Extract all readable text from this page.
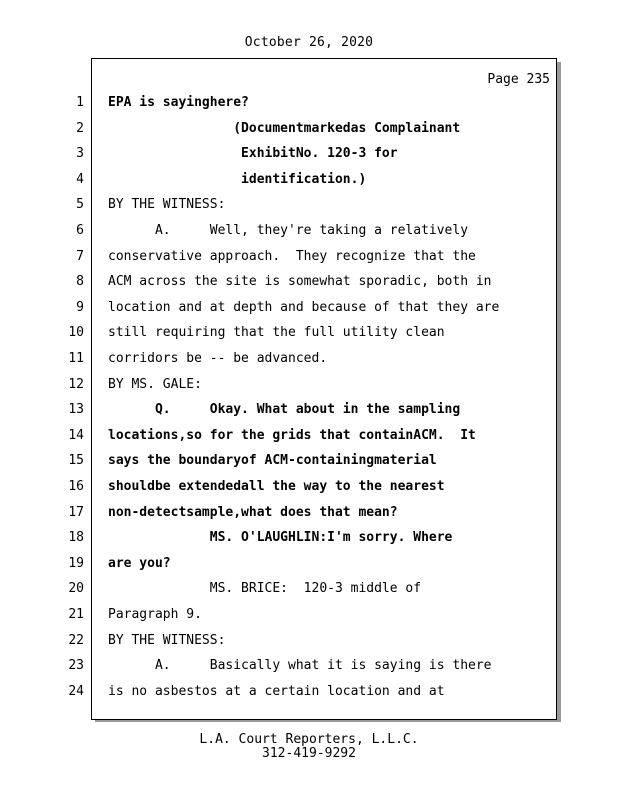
October 26, 2020
Page 235
1 EPA is sayinghere?
2 (Documentmarkedas Complainant
3 ExhibitNo. 120-3 for
4 identification.)
5 BY THE WITNESS:
6 A.     Well, they're taking a relatively
7 conservative approach.  They recognize that the
8 ACM across the site is somewhat sporadic, both in
9 location and at depth and because of that they are
10 still requiring that the full utility clean
11 corridors be -- be advanced.
12 BY MS. GALE:
13 Q.     Okay. What about in the sampling
14 locations,so for the grids that containACM.  It
15 says the boundaryof ACM-containingmaterial
16 shouldbe extendedall the way to the nearest
17 non-detectsample,what does that mean?
18 MS. O'LAUGHLIN:I'm sorry. Where
19 are you?
20 MS. BRICE:  120-3 middle of
21 Paragraph 9.
22 BY THE WITNESS:
23 A.     Basically what it is saying is there
24 is no asbestos at a certain location and at
L.A. Court Reporters, L.L.C.
312-419-9292
